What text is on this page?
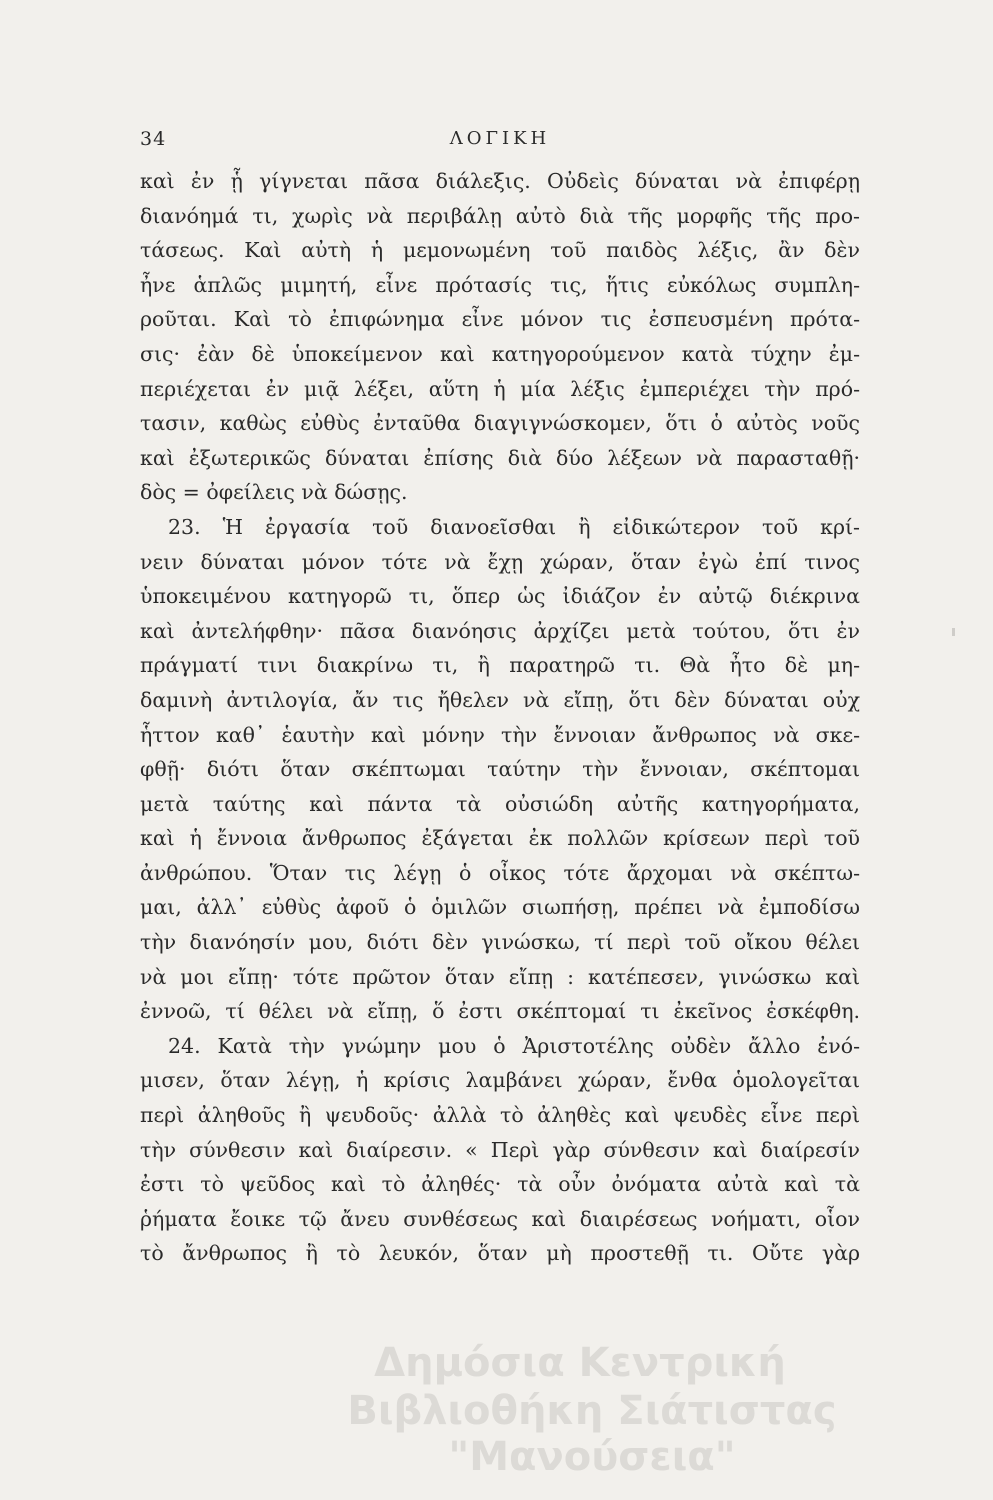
34	ΛΟΓΙΚΗ
καὶ ἐν ᾗ γίγνεται πᾶσα διάλεξις. Οὐδεὶς δύναται νὰ ἐπιφέρῃ
διανόημά τι, χωρὶς νὰ περιβάλῃ αὐτὸ διὰ τῆς μορφῆς τῆς προ-
τάσεως. Καὶ αὐτὴ ἡ μεμονωμένη τοῦ παιδὸς λέξις, ἂν δὲν
ἦνε ἁπλῶς μιμητή, εἶνε πρότασίς τις, ἥτις εὐκόλως συμπλη-
ροῦται. Καὶ τὸ ἐπιφώνημα εἶνε μόνον τις ἐσπευσμένη πρότα-
σις· ἐὰν δὲ ὑποκείμενον καὶ κατηγορούμενον κατὰ τύχην ἐμ-
περιέχεται ἐν μιᾷ λέξει, αὕτη ἡ μία λέξις ἐμπεριέχει τὴν πρό-
τασιν, καθὼς εὐθὺς ἐνταῦθα διαγιγνώσκομεν, ὅτι ὁ αὐτὸς νοῦς
καὶ ἐξωτερικῶς δύναται ἐπίσης διὰ δύο λέξεων νὰ παρασταθῇ·
δὸς = ὀφείλεις νὰ δώσῃς.
23. Ἡ ἐργασία τοῦ διανοεῖσθαι ἢ εἰδικώτερον τοῦ κρί-
νειν δύναται μόνον τότε νὰ ἔχῃ χώραν, ὅταν ἐγὼ ἐπί τινος
ὑποκειμένου κατηγορῶ τι, ὅπερ ὡς ἰδιάζον ἐν αὐτῷ διέκρινα
καὶ ἀντελήφθην· πᾶσα διανόησις ἀρχίζει μετὰ τούτου, ὅτι ἐν
πράγματί τινι διακρίνω τι, ἢ παρατηρῶ τι. Θὰ ἦτο δὲ μη-
δαμινὴ ἀντιλογία, ἄν τις ἤθελεν νὰ εἴπῃ, ὅτι δὲν δύναται οὐχ
ἧττον καθ᾽ ἑαυτὴν καὶ μόνην τὴν ἔννοιαν ἄνθρωπος νὰ σκε-
φθῇ· διότι ὅταν σκέπτωμαι ταύτην τὴν ἔννοιαν, σκέπτομαι
μετὰ ταύτης καὶ πάντα τὰ οὐσιώδη αὐτῆς κατηγορήματα,
καὶ ἡ ἔννοια ἄνθρωπος ἐξάγεται ἐκ πολλῶν κρίσεων περὶ τοῦ
ἀνθρώπου. Ὅταν τις λέγῃ ὁ οἶκος τότε ἄρχομαι νὰ σκέπτω-
μαι, ἀλλ᾽ εὐθὺς ἀφοῦ ὁ ὁμιλῶν σιωπήσῃ, πρέπει νὰ ἐμποδίσω
τὴν διανόησίν μου, διότι δὲν γινώσκω, τί περὶ τοῦ οἴκου θέλει
νὰ μοι εἴπῃ· τότε πρῶτον ὅταν εἴπῃ : κατέπεσεν, γινώσκω καὶ
ἐννοῶ, τί θέλει νὰ εἴπῃ, ὅ ἐστι σκέπτομαί τι ἐκεῖνος ἐσκέφθη.
24. Κατὰ τὴν γνώμην μου ὁ Ἀριστοτέλης οὐδὲν ἄλλο ἐνό-
μισεν, ὅταν λέγῃ, ἡ κρίσις λαμβάνει χώραν, ἔνθα ὁμολογεῖται
περὶ ἀληθοῦς ἢ ψευδοῦς· ἀλλὰ τὸ ἀληθὲς καὶ ψευδὲς εἶνε περὶ
τὴν σύνθεσιν καὶ διαίρεσιν. « Περὶ γὰρ σύνθεσιν καὶ διαίρεσίν
ἐστι τὸ ψεῦδος καὶ τὸ ἀληθές· τὰ οὖν ὀνόματα αὐτὰ καὶ τὰ
ῥήματα ἔοικε τῷ ἄνευ συνθέσεως καὶ διαιρέσεως νοήματι, οἷον
τὸ ἄνθρωπος ἢ τὸ λευκόν, ὅταν μὴ προστεθῇ τι. Οὔτε γὰρ
Δημόσια Κεντρική
Βιβλιοθήκη Σιάτιστας "Μανούσεια"
